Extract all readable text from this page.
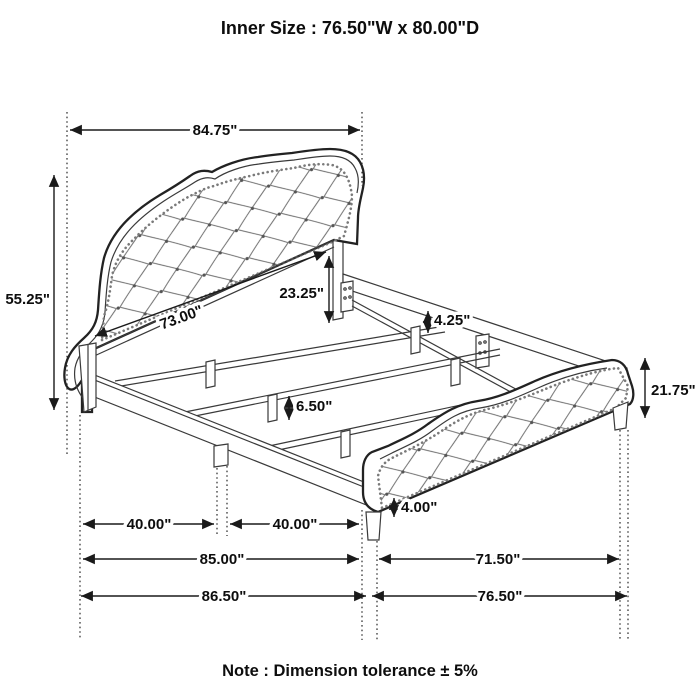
84.75"
55.25"
73.00"
23.25"
4.25"
6.50"
21.75"
4.00"
40.00"	40.00"
85.00"	71.50"
86.50"	76.50"
Inner Size : 76.50"W x 80.00"D
Note : Dimension tolerance ± 5%
